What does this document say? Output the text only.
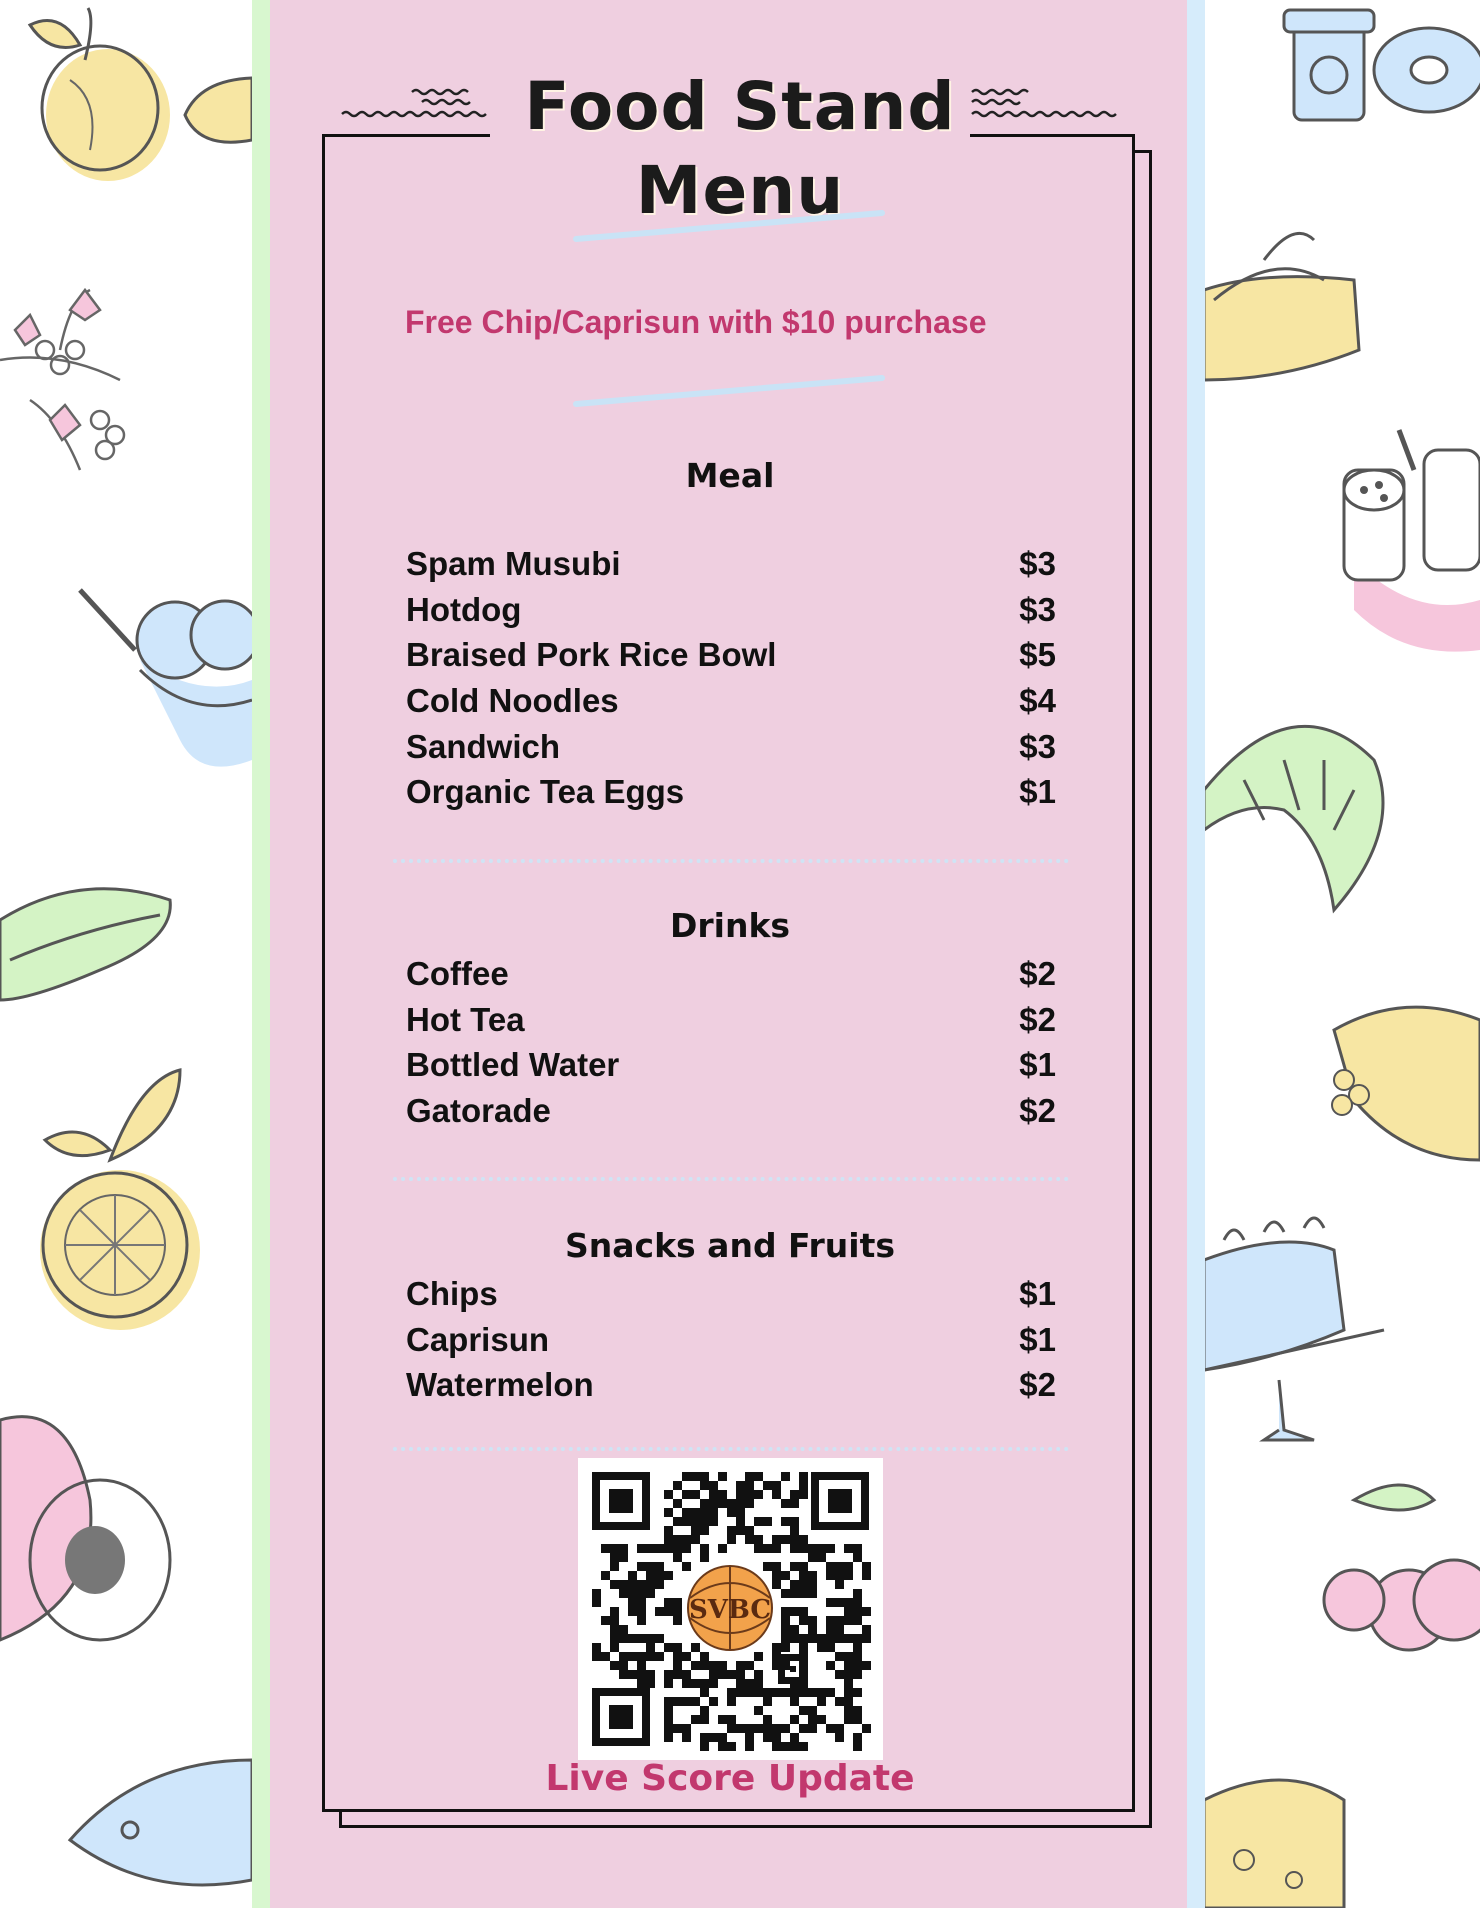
Food Stand
Menu
Free Chip/Caprisun with $10 purchase
Meal
Spam Musubi	$3
Hotdog	$3
Braised Pork Rice Bowl	$5
Cold Noodles	$4
Sandwich	$3
Organic Tea Eggs	$1
Drinks
Coffee	$2
Hot Tea	$2
Bottled Water	$1
Gatorade	$2
Snacks and Fruits
Chips	$1
Caprisun	$1
Watermelon	$2
SVBC
Live Score Update
